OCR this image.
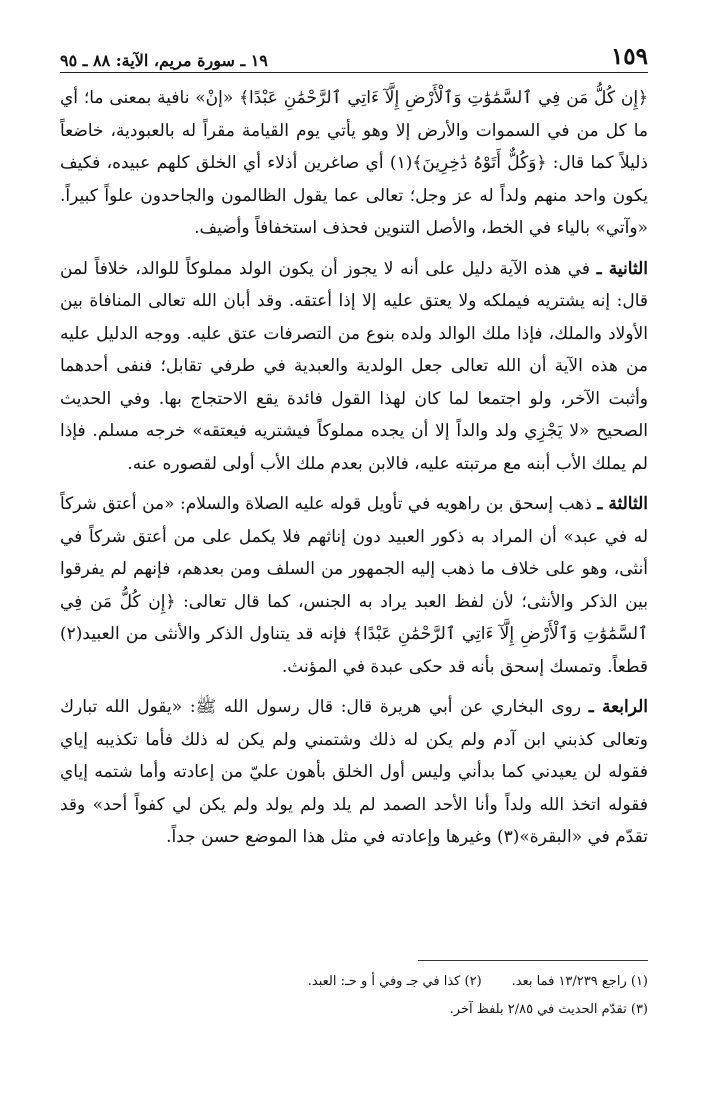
١٥٩
١٩ ـ سورة مريم، الآية: ٨٨ ـ ٩٥

﴿إِن كُلُّ مَن فِي ٱلسَّمَٰوَٰتِ وَٱلْأَرْضِ إِلَّآ ءَاتِي ٱلرَّحْمَٰنِ عَبْدًا﴾ «إنْ» نافية بمعنى ما؛ أي ما كل من في السموات والأرض إلا وهو يأتي يوم القيامة مقراً له بالعبودية، خاضعاً ذليلاً كما قال: ﴿وَكُلٌّ أَتَوْهُ دَٰخِرِينَ﴾(١) أي صاغرين أذلاء أي الخلق كلهم عبيده، فكيف يكون واحد منهم ولداً له عز وجل؛ تعالى عما يقول الظالمون والجاحدون علواً كبيراً. «وآتي» بالياء في الخط، والأصل التنوين فحذف استخفافاً وأضيف.

الثانية ـ في هذه الآية دليل على أنه لا يجوز أن يكون الولد مملوكاً للوالد، خلافاً لمن قال: إنه يشتريه فيملكه ولا يعتق عليه إلا إذا أعتقه. وقد أبان الله تعالى المنافاة بين الأولاد والملك، فإذا ملك الوالد ولده بنوع من التصرفات عتق عليه. ووجه الدليل عليه من هذه الآية أن الله تعالى جعل الولدية والعبدية في طرفي تقابل؛ فنفى أحدهما وأثبت الآخر، ولو اجتمعا لما كان لهذا القول فائدة يقع الاحتجاج بها. وفي الحديث الصحيح «لا يَجْزِي ولد والداً إلا أن يجده مملوكاً فيشتريه فيعتقه» خرجه مسلم. فإذا لم يملك الأب أبنه مع مرتبته عليه، فالابن بعدم ملك الأب أولى لقصوره عنه.

الثالثة ـ ذهب إسحق بن راهويه في تأويل قوله عليه الصلاة والسلام: «من أعتق شركاً له في عبد» أن المراد به ذكور العبيد دون إناثهم فلا يكمل على من أعتق شركاً في أنثى، وهو على خلاف ما ذهب إليه الجمهور من السلف ومن بعدهم، فإنهم لم يفرقوا بين الذكر والأنثى؛ لأن لفظ العبد يراد به الجنس، كما قال تعالى: ﴿إِن كُلُّ مَن فِي ٱلسَّمَٰوَٰتِ وَٱلْأَرْضِ إِلَّآ ءَاتِي ٱلرَّحْمَٰنِ عَبْدًا﴾ فإنه قد يتناول الذكر والأنثى من العبيد(٢) قطعاً. وتمسك إسحق بأنه قد حكى عبدة في المؤنث.

الرابعة ـ روى البخاري عن أبي هريرة قال: قال رسول الله ﷺ: «يقول الله تبارك وتعالى كذبني ابن آدم ولم يكن له ذلك وشتمني ولم يكن له ذلك فأما تكذيبه إياي فقوله لن يعيدني كما بدأني وليس أول الخلق بأهون عليّ من إعادته وأما شتمه إياي فقوله اتخذ الله ولداً وأنا الأحد الصمد لم يلد ولم يولد ولم يكن لي كفواً أحد» وقد تقدّم في «البقرة»(٣) وغيرها وإعادته في مثل هذا الموضع حسن جداً.

(١) راجع ١٣/٢٣٩ فما بعد.
(٢) كذا في جـ وفي أ و حـ: العبد.
(٣) تقدّم الحديث في ٢/٨٥ بلفظ آخر.
